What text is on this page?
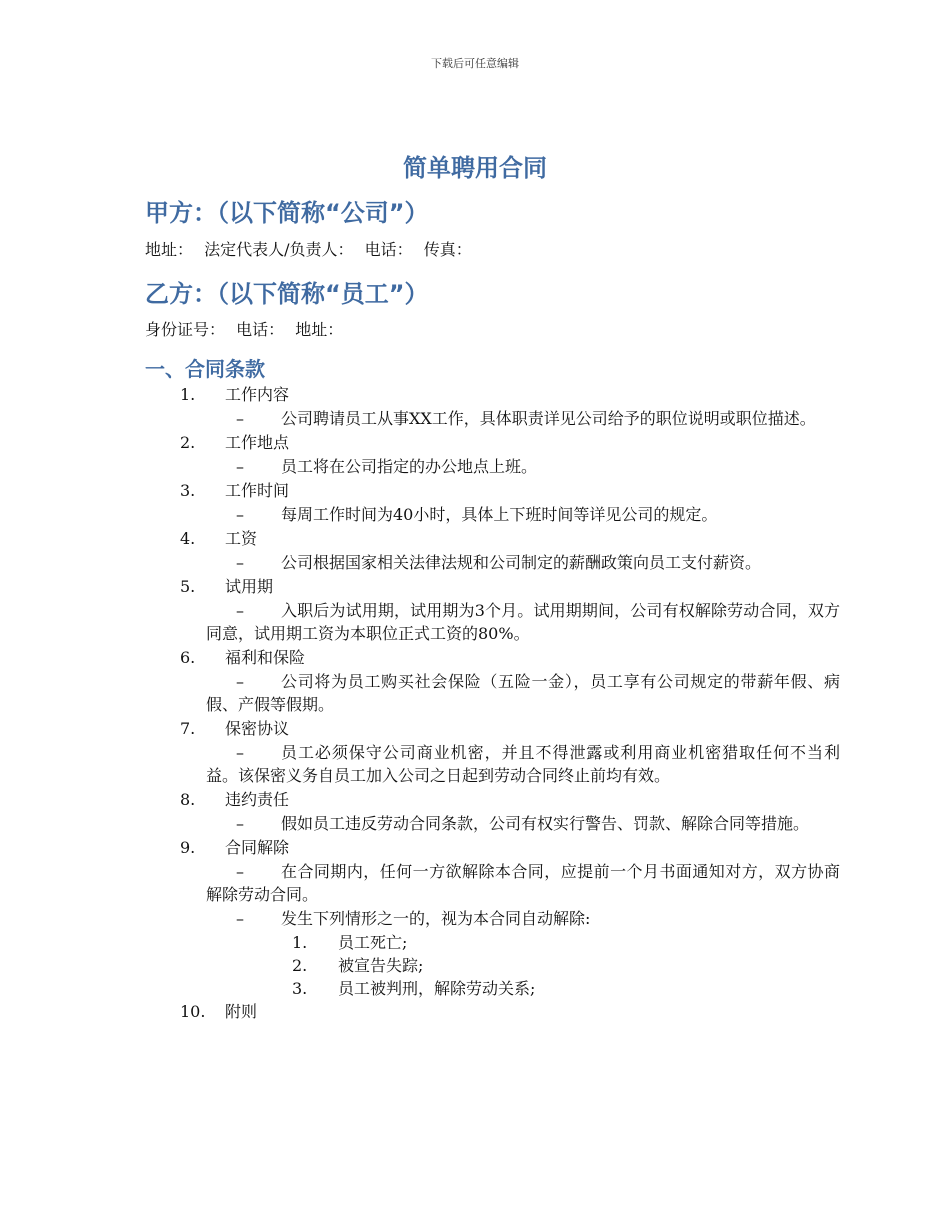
下载后可任意编辑
简单聘用合同
甲方：（以下简称“公司”）
地址： 法定代表人/负责人： 电话： 传真：
乙方：（以下简称“员工”）
身份证号： 电话： 地址：
一、合同条款
1. 工作内容
– 公司聘请员工从事XX工作，具体职责详见公司给予的职位说明或职位描述。
2. 工作地点
– 员工将在公司指定的办公地点上班。
3. 工作时间
– 每周工作时间为40小时，具体上下班时间等详见公司的规定。
4. 工资
– 公司根据国家相关法律法规和公司制定的薪酬政策向员工支付薪资。
5. 试用期
– 入职后为试用期，试用期为3个月。试用期期间，公司有权解除劳动合同，双方同意，试用期工资为本职位正式工资的80%。
6. 福利和保险
– 公司将为员工购买社会保险（五险一金），员工享有公司规定的带薪年假、病假、产假等假期。
7. 保密协议
– 员工必须保守公司商业机密，并且不得泄露或利用商业机密猎取任何不当利益。该保密义务自员工加入公司之日起到劳动合同终止前均有效。
8. 违约责任
– 假如员工违反劳动合同条款，公司有权实行警告、罚款、解除合同等措施。
9. 合同解除
– 在合同期内，任何一方欲解除本合同，应提前一个月书面通知对方，双方协商解除劳动合同。
– 发生下列情形之一的，视为本合同自动解除:
1. 员工死亡;
2. 被宣告失踪;
3. 员工被判刑，解除劳动关系;
10. 附则
